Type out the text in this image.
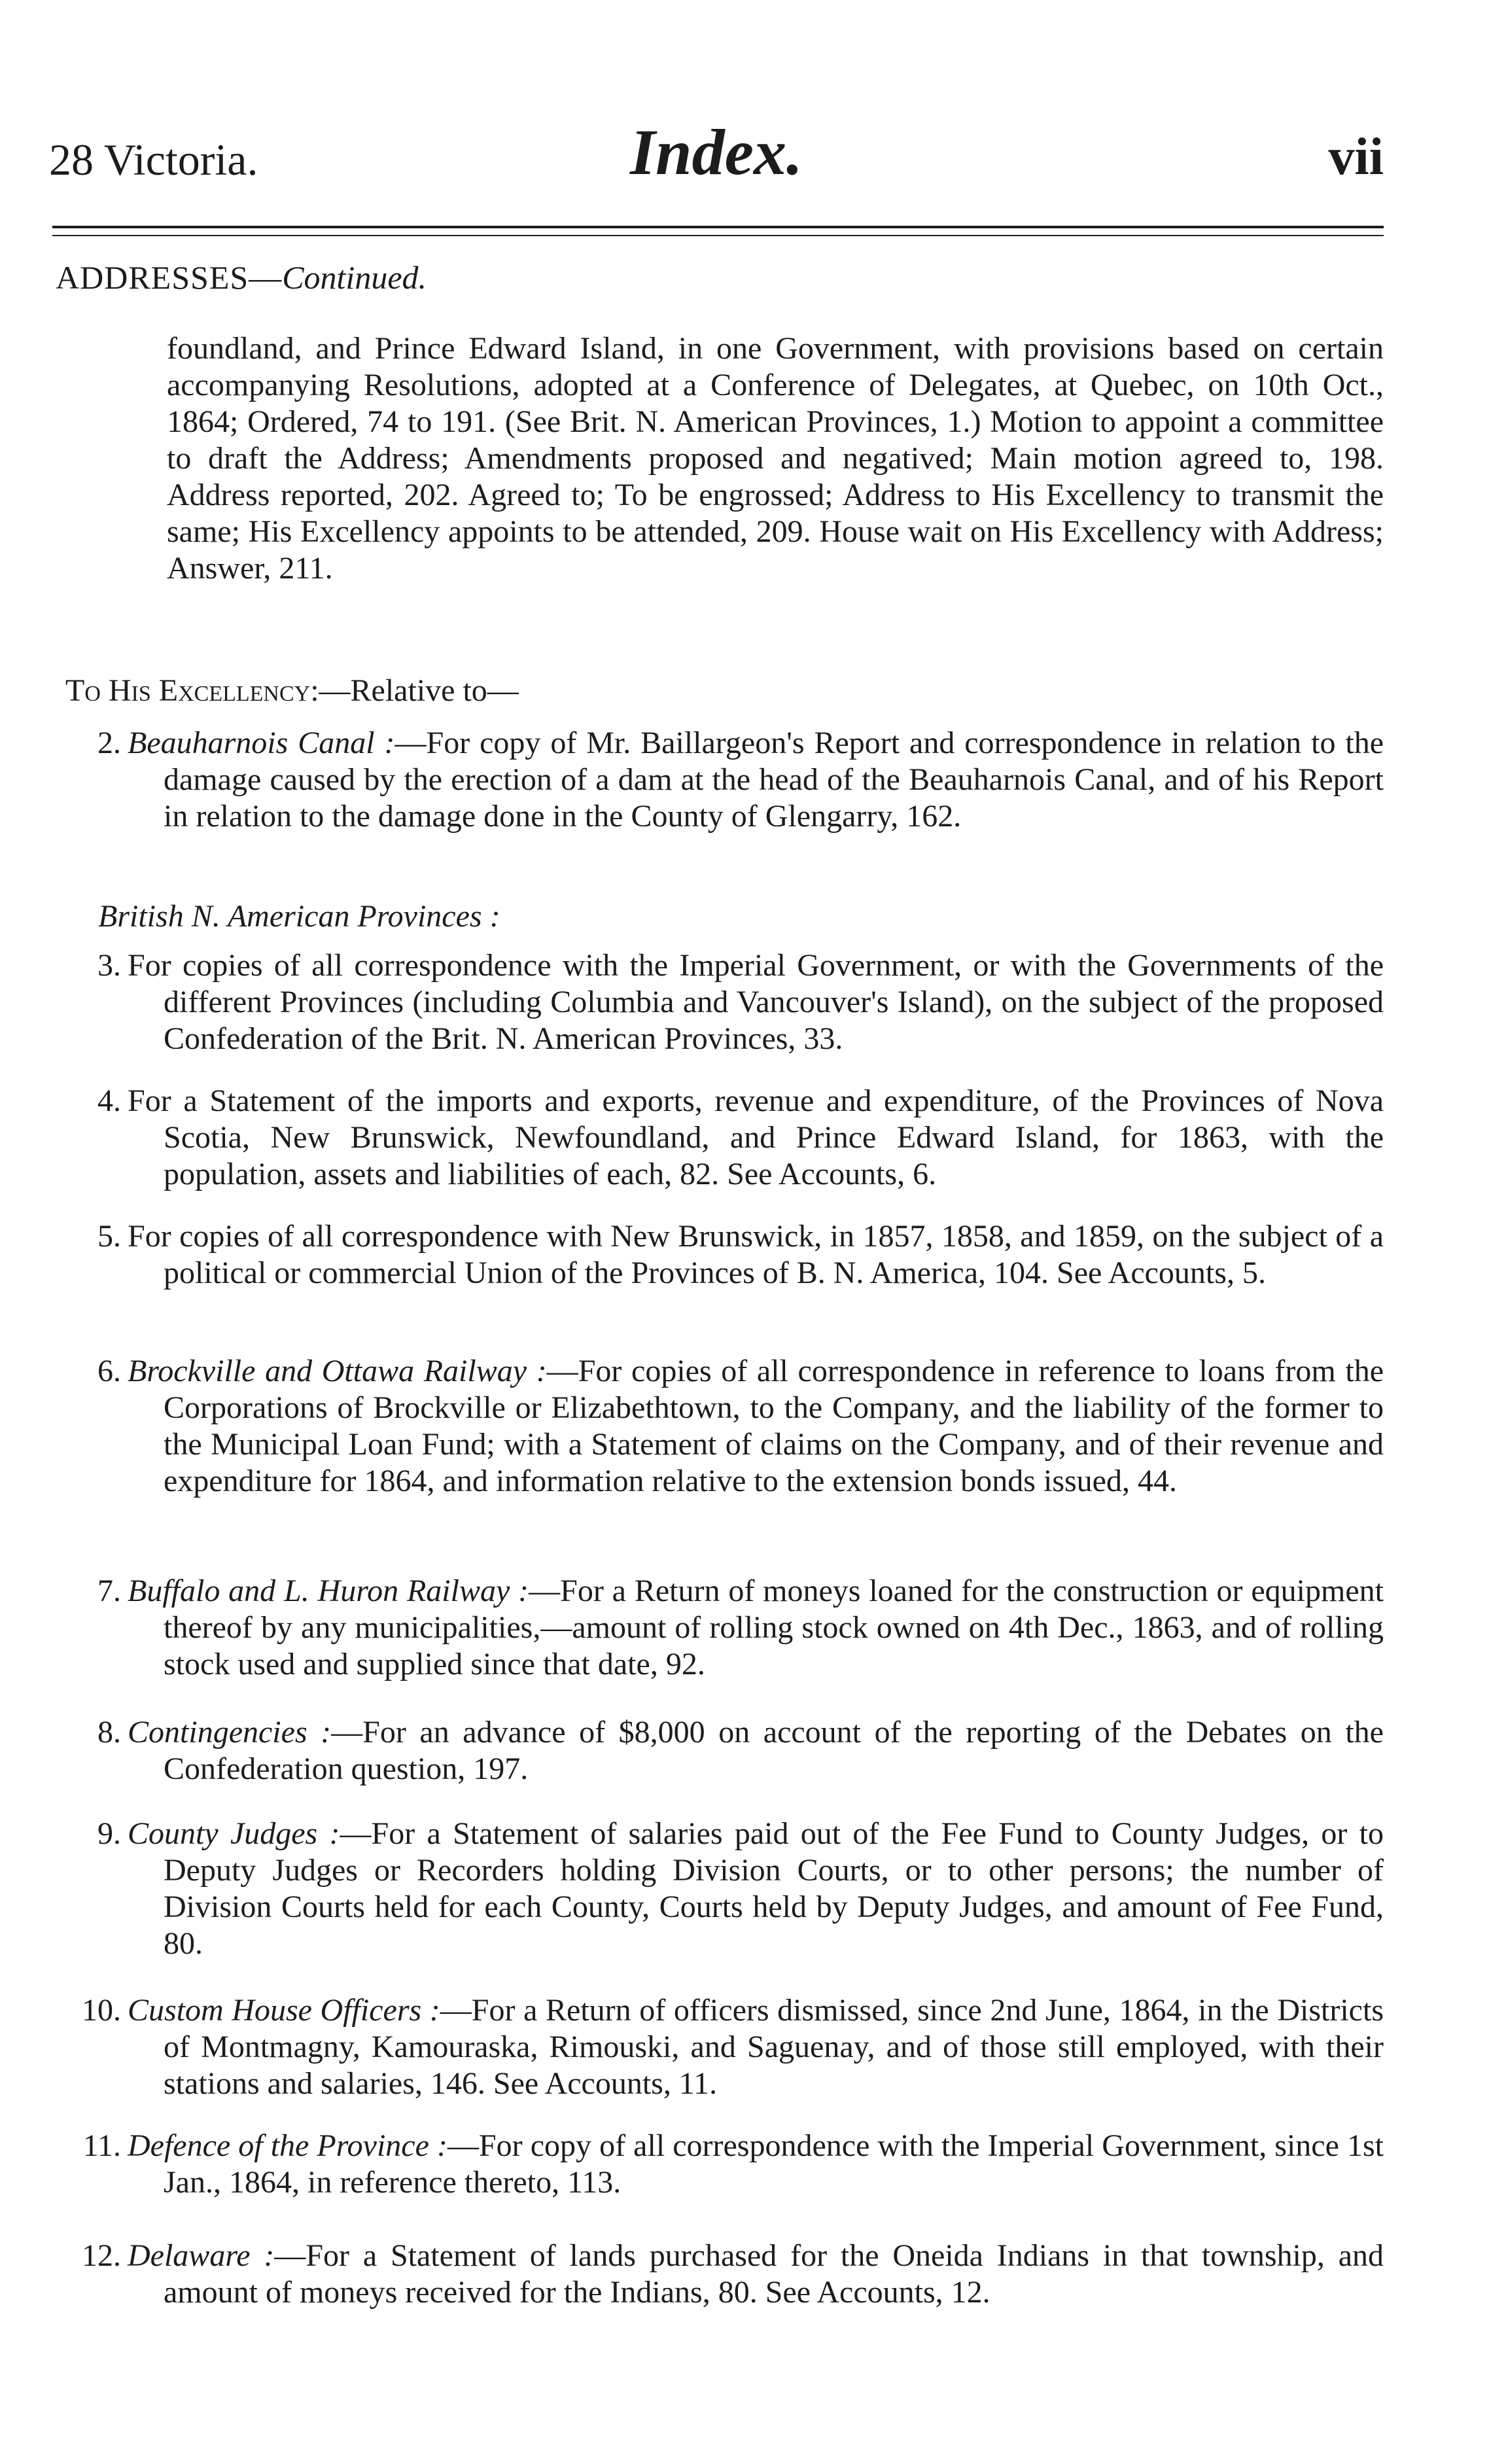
28 Victoria.	Index.	vii
ADDRESSES—Continued.
foundland, and Prince Edward Island, in one Government, with provisions based on certain accompanying Resolutions, adopted at a Conference of Delegates, at Quebec, on 10th Oct., 1864; Ordered, 74 to 191. (See Brit. N. American Provinces, 1.) Motion to appoint a committee to draft the Address; Amendments proposed and negatived; Main motion agreed to, 198. Address reported, 202. Agreed to; To be engrossed; Address to His Excellency to transmit the same; His Excellency appoints to be attended, 209. House wait on His Excellency with Address; Answer, 211.
To His Excellency:—Relative to—
2 . Beauharnois Canal :—For copy of Mr. Baillargeon's Report and correspondence in relation to the damage caused by the erection of a dam at the head of the Beauharnois Canal, and of his Report in relation to the damage done in the County of Glengarry, 162.
British N. American Provinces :
3 . For copies of all correspondence with the Imperial Government, or with the Governments of the different Provinces (including Columbia and Vancouver's Island), on the subject of the proposed Confederation of the Brit. N. American Provinces, 33.
4 . For a Statement of the imports and exports, revenue and expenditure, of the Provinces of Nova Scotia, New Brunswick, Newfoundland, and Prince Edward Island, for 1863, with the population, assets and liabilities of each, 82. See Accounts, 6.
5 . For copies of all correspondence with New Brunswick, in 1857, 1858, and 1859, on the subject of a political or commercial Union of the Provinces of B. N. America, 104. See Accounts, 5.
6 . Brockville and Ottawa Railway :—For copies of all correspondence in reference to loans from the Corporations of Brockville or Elizabethtown, to the Company, and the liability of the former to the Municipal Loan Fund; with a Statement of claims on the Company, and of their revenue and expenditure for 1864, and information relative to the extension bonds issued, 44.
7 . Buffalo and L. Huron Railway :—For a Return of moneys loaned for the construction or equipment thereof by any municipalities,—amount of rolling stock owned on 4th Dec., 1863, and of rolling stock used and supplied since that date, 92.
8 . Contingencies :—For an advance of $8,000 on account of the reporting of the Debates on the Confederation question, 197.
9 . County Judges :—For a Statement of salaries paid out of the Fee Fund to County Judges, or to Deputy Judges or Recorders holding Division Courts, or to other persons; the number of Division Courts held for each County, Courts held by Deputy Judges, and amount of Fee Fund, 80.
10 . Custom House Officers :—For a Return of officers dismissed, since 2nd June, 1864, in the Districts of Montmagny, Kamouraska, Rimouski, and Saguenay, and of those still employed, with their stations and salaries, 146. See Accounts, 11.
11 . Defence of the Province :—For copy of all correspondence with the Imperial Government, since 1st Jan., 1864, in reference thereto, 113.
12 . Delaware :—For a Statement of lands purchased for the Oneida Indians in that township, and amount of moneys received for the Indians, 80. See Accounts, 12.
